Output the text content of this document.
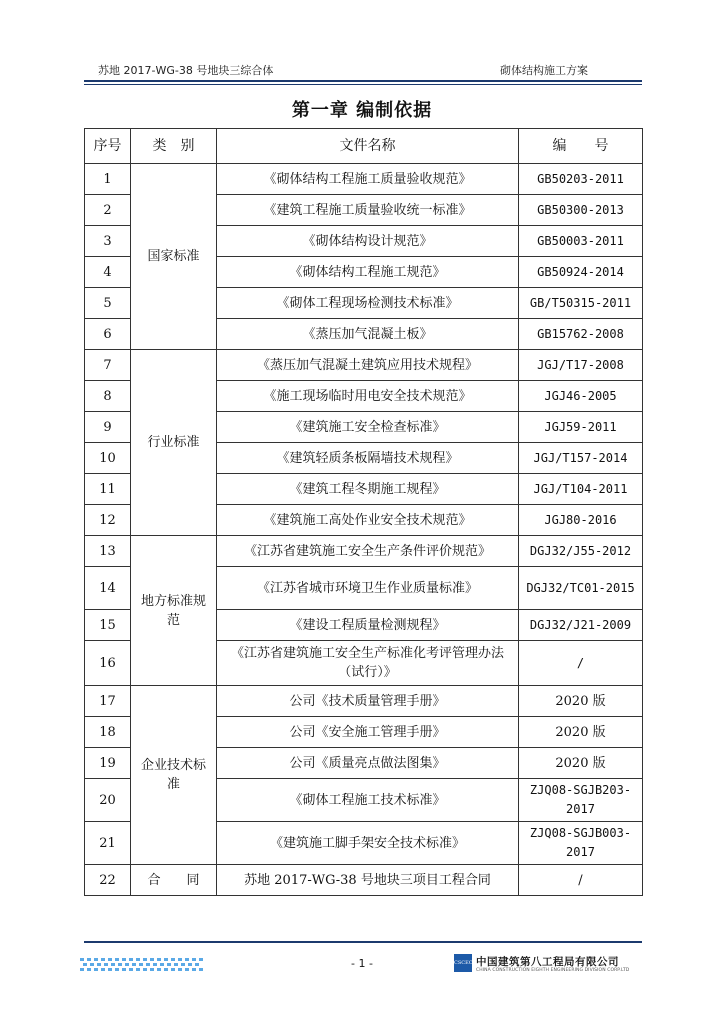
苏地 2017-WG-38 号地块三综合体	砌体结构施工方案
第一章 编制依据
序号	类　别	文件名称	编　　号
1	国家标准	《砌体结构工程施工质量验收规范》	GB50203-2011
2		《建筑工程施工质量验收统一标准》	GB50300-2013
3		《砌体结构设计规范》	GB50003-2011
4		《砌体结构工程施工规范》	GB50924-2014
5		《砌体工程现场检测技术标准》	GB/T50315-2011
6		《蒸压加气混凝土板》	GB15762-2008
7	行业标准	《蒸压加气混凝土建筑应用技术规程》	JGJ/T17-2008
8		《施工现场临时用电安全技术规范》	JGJ46-2005
9		《建筑施工安全检查标准》	JGJ59-2011
10		《建筑轻质条板隔墙技术规程》	JGJ/T157-2014
11		《建筑工程冬期施工规程》	JGJ/T104-2011
12		《建筑施工高处作业安全技术规范》	JGJ80-2016
13	地方标准规范	《江苏省建筑施工安全生产条件评价规范》	DGJ32/J55-2012
14		《江苏省城市环境卫生作业质量标准》	DGJ32/TC01-2015
15		《建设工程质量检测规程》	DGJ32/J21-2009
16		《江苏省建筑施工安全生产标准化考评管理办法（试行）》	/
17	企业技术标准	公司《技术质量管理手册》	2020 版
18		公司《安全施工管理手册》	2020 版
19		公司《质量亮点做法图集》	2020 版
20		《砌体工程施工技术标准》	ZJQ08-SGJB203-2017
21		《建筑施工脚手架安全技术标准》	ZJQ08-SGJB003-2017
22	合　　同	苏地 2017-WG-38 号地块三项目工程合同	/
- 1 -	CSCEC 中国建筑第八工程局有限公司
CHINA CONSTRUCTION EIGHTH ENGINEERING DIVISION CORP.LTD
